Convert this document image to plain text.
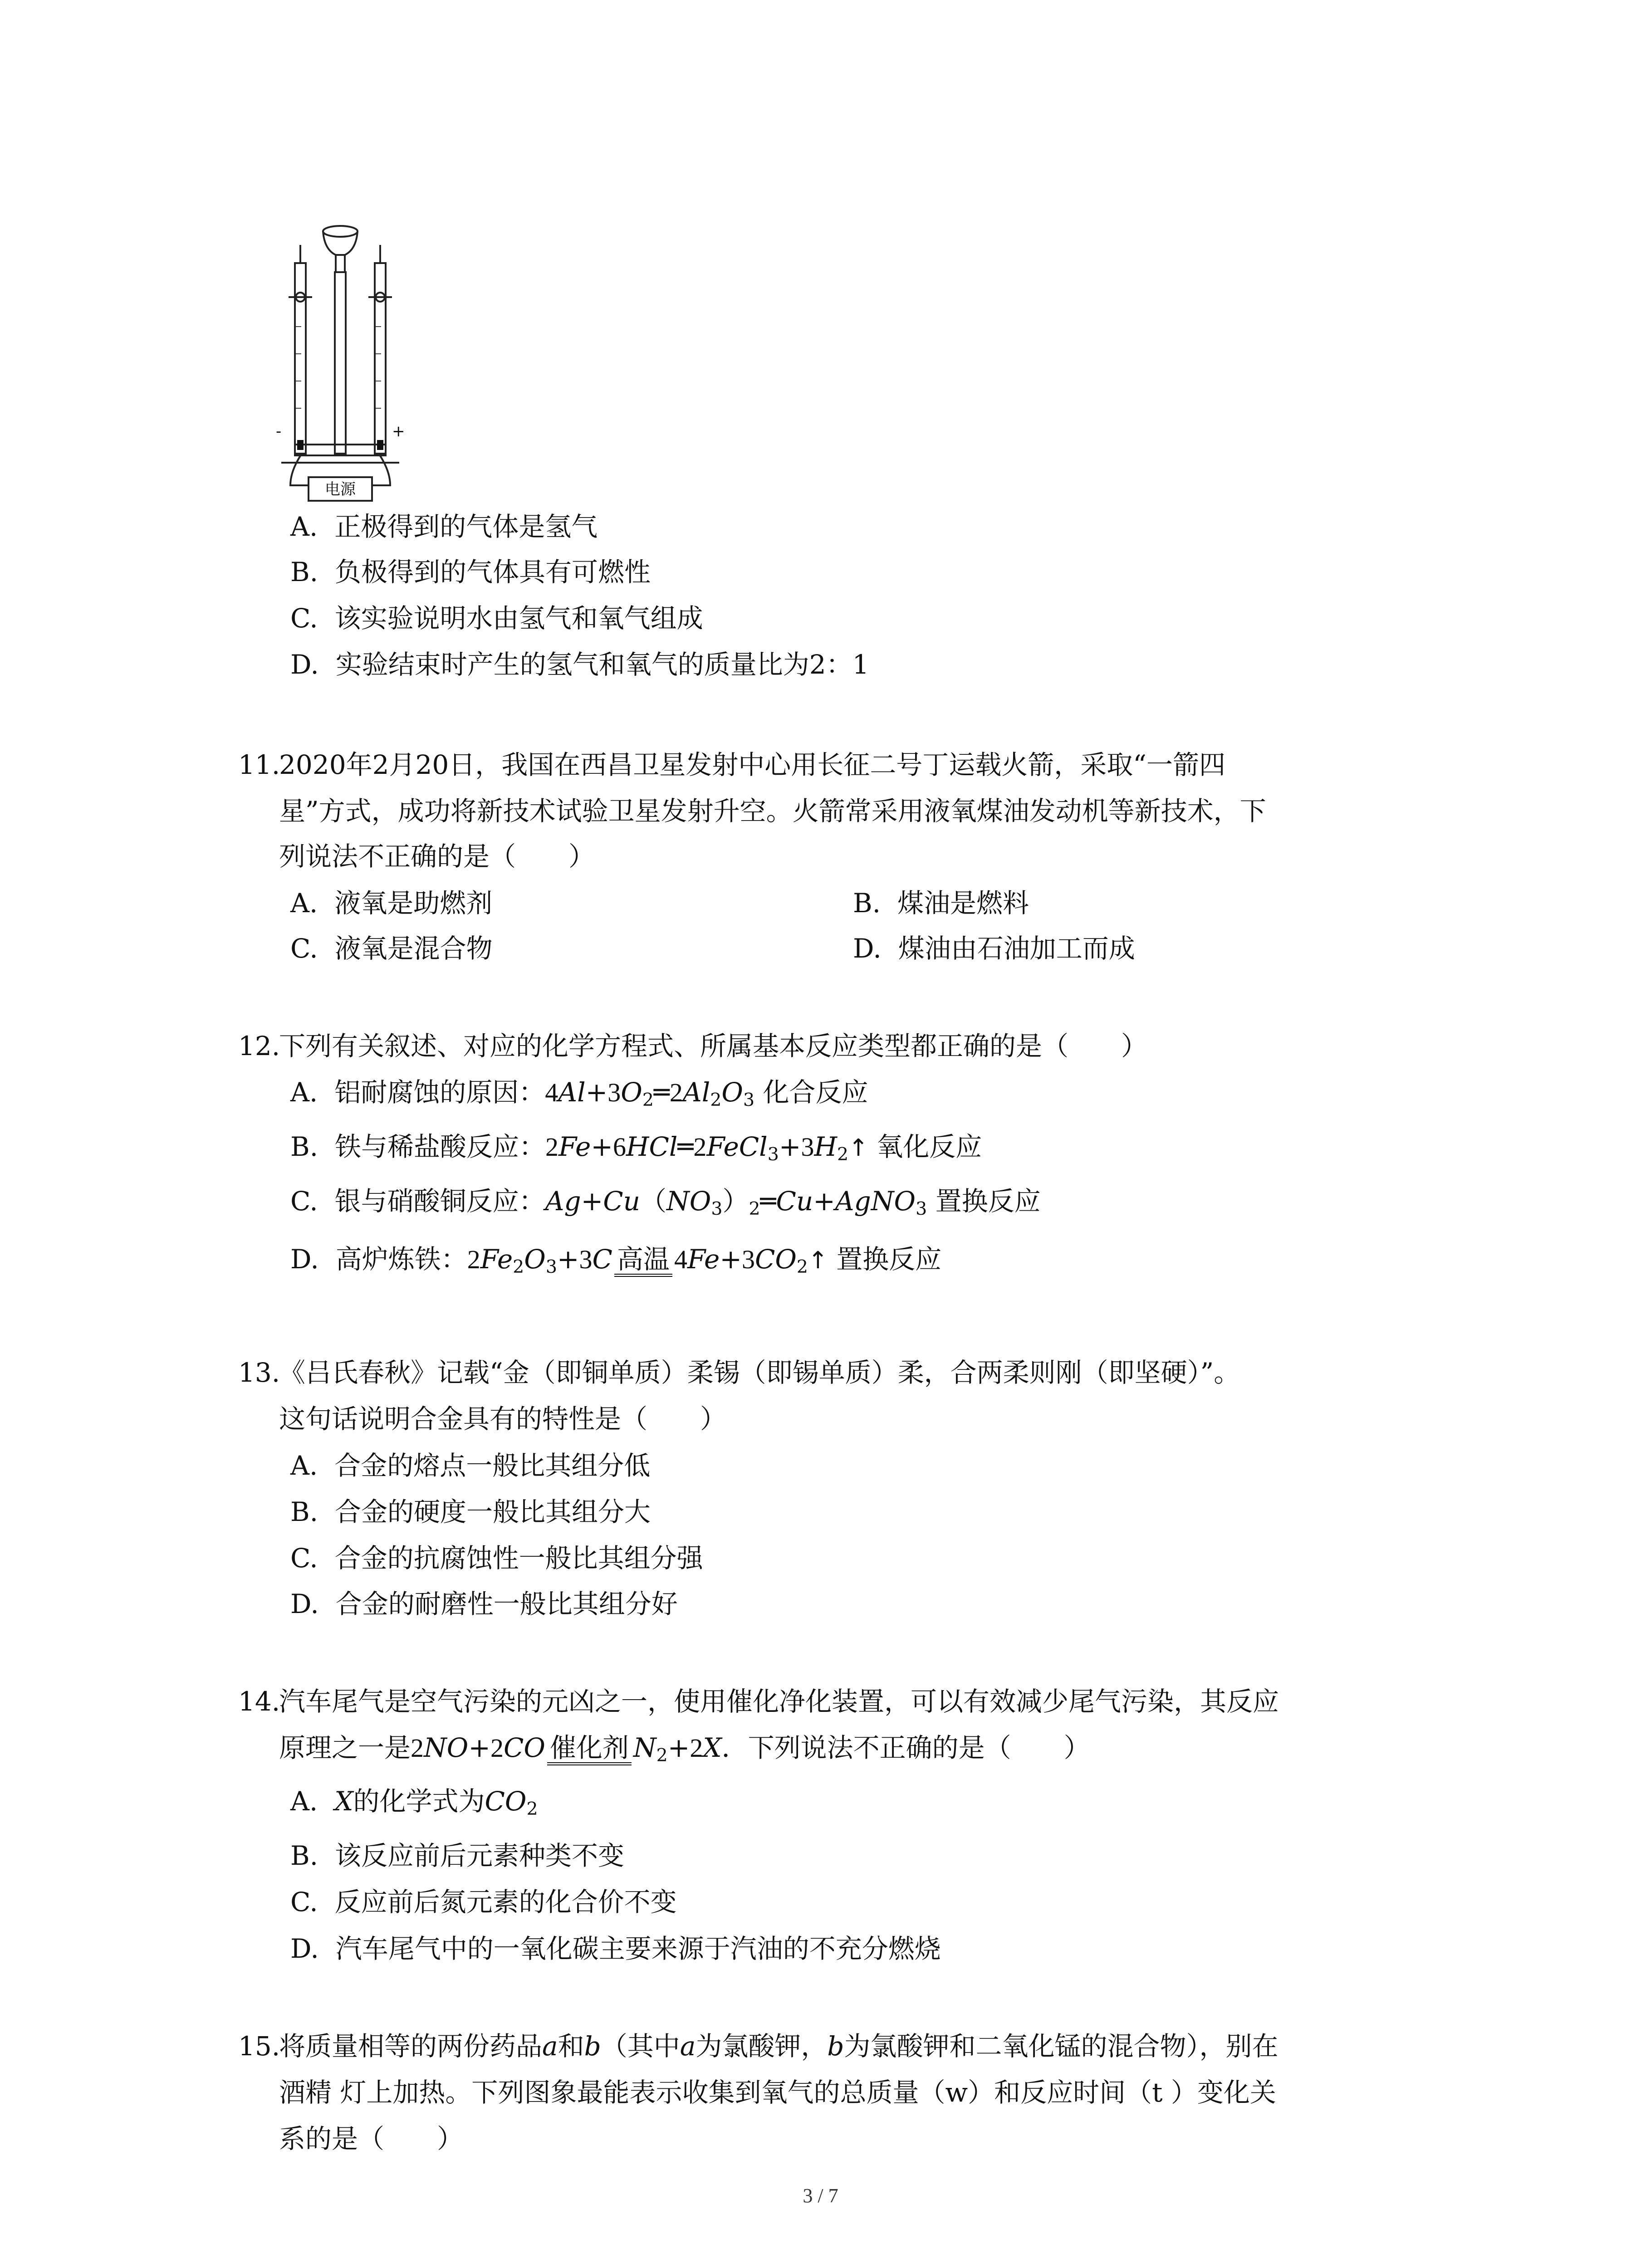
-	+
电源
A. 正极得到的气体是氢气
B. 负极得到的气体具有可燃性
C. 该实验说明水由氢气和氧气组成
D. 实验结束时产生的氢气和氧气的质量比为2：1
11.
2020年2月20日，我国在西昌卫星发射中心用长征二号丁运载火箭，采取“一箭四
星”方式，成功将新技术试验卫星发射升空。火箭常采用液氧煤油发动机等新技术，下
列说法不正确的是（　　）
A. 液氧是助燃剂	B. 煤油是燃料
C. 液氧是混合物	D. 煤油由石油加工而成
12.
下列有关叙述、对应的化学方程式、所属基本反应类型都正确的是（　　）
A. 铝耐腐蚀的原因：$4Al+3O_2═2Al_2O_3$ 化合反应
B. 铁与稀盐酸反应：$2Fe+6HCl═2FeCl_3+3H_2↑$ 氧化反应
C. 银与硝酸铜反应：$Ag+Cu(NO_3)_2═Cu+AgNO_3$ 置换反应
D. 高炉炼铁：$2Fe_2O_3+3C$ 高温 $4Fe+3CO_2↑$ 置换反应
13.
《吕氏春秋》记载“金（即铜单质）柔锡（即锡单质）柔，合两柔则刚（即坚硬）”。
这句话说明合金具有的特性是（　　）
A. 合金的熔点一般比其组分低
B. 合金的硬度一般比其组分大
C. 合金的抗腐蚀性一般比其组分强
D. 合金的耐磨性一般比其组分好
14.
汽车尾气是空气污染的元凶之一，使用催化净化装置，可以有效减少尾气污染，其反应
原理之一是2NO+2CO 催化剂 $N_2+2X$．下列说法不正确的是（　　）
A. X的化学式为$CO_2$
B. 该反应前后元素种类不变
C. 反应前后氮元素的化合价不变
D. 汽车尾气中的一氧化碳主要来源于汽油的不充分燃烧
15.
将质量相等的两份药品a和b（其中a为氯酸钾，b为氯酸钾和二氧化锰的混合物），别在
酒精 灯上加热。下列图象最能表示收集到氧气的总质量（w）和反应时间（t ）变化关
系的是（　　）
3 / 7
